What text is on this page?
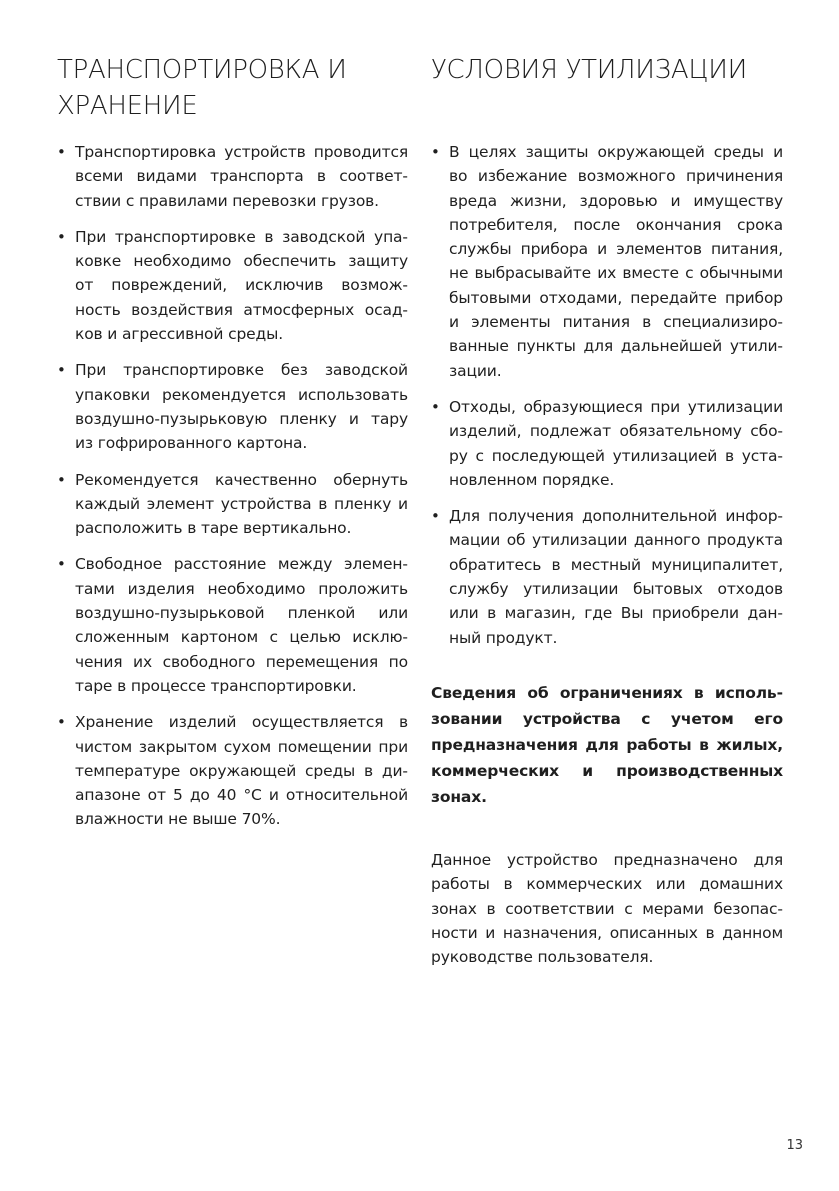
ТРАНСПОРТИРОВКА И ХРАНЕНИЕ
• Транспортировка устройств проводится всеми видами транспорта в соответствии с правилами перевозки грузов.
• При транспортировке в заводской упаковке необходимо обеспечить защиту от повреждений, исключив возможность воздействия атмосферных осадков и агрессивной среды.
• При транспортировке без заводской упаковки рекомендуется использовать воздушно-пузырьковую пленку и тару из гофрированного картона.
• Рекомендуется качественно обернуть каждый элемент устройства в пленку и расположить в таре вертикально.
• Свободное расстояние между элементами изделия необходимо проложить воздушно-пузырьковой пленкой или сложенным картоном с целью исключения их свободного перемещения по таре в процессе транспортировки.
• Хранение изделий осуществляется в чистом закрытом сухом помещении при температуре окружающей среды в диапазоне от 5 до 40 °С и относительной влажности не выше 70%.
УСЛОВИЯ УТИЛИЗАЦИИ
• В целях защиты окружающей среды и во избежание возможного причинения вреда жизни, здоровью и имуществу потребителя, после окончания срока службы прибора и элементов питания, не выбрасывайте их вместе с обычными бытовыми отходами, передайте прибор и элементы питания в специализированные пункты для дальнейшей утилизации.
• Отходы, образующиеся при утилизации изделий, подлежат обязательному сбору с последующей утилизацией в установленном порядке.
• Для получения дополнительной информации об утилизации данного продукта обратитесь в местный муниципалитет, службу утилизации бытовых отходов или в магазин, где Вы приобрели данный продукт.
Сведения об ограничениях в использовании устройства с учетом его предназначения для работы в жилых, коммерческих и производственных зонах.
Данное устройство предназначено для работы в коммерческих или домашних зонах в соответствии с мерами безопасности и назначения, описанных в данном руководстве пользователя.
13
